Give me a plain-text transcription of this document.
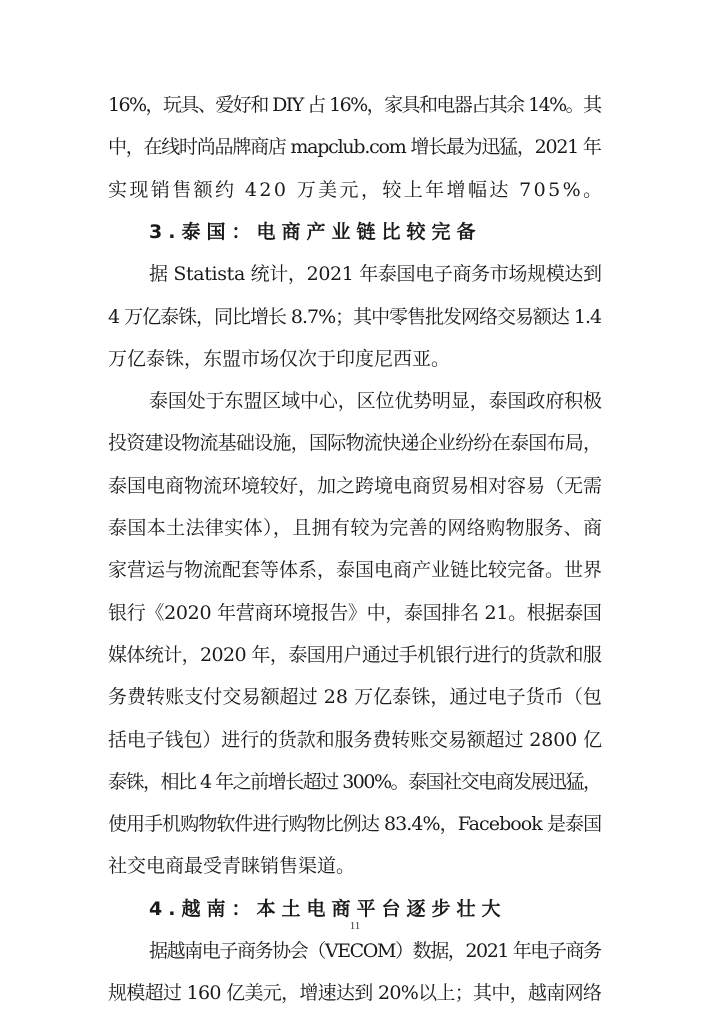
16%，玩具、爱好和 DIY 占 16%，家具和电器占其余 14%。其
中，在线时尚品牌商店 mapclub.com 增长最为迅猛，2021 年
实现销售额约 420 万美元，较上年增幅达 705%。
3.泰国：电商产业链比较完备
据 Statista 统计，2021 年泰国电子商务市场规模达到
4 万亿泰铢，同比增长 8.7%；其中零售批发网络交易额达 1.4
万亿泰铢，东盟市场仅次于印度尼西亚。
泰国处于东盟区域中心，区位优势明显，泰国政府积极
投资建设物流基础设施，国际物流快递企业纷纷在泰国布局，
泰国电商物流环境较好，加之跨境电商贸易相对容易（无需
泰国本土法律实体），且拥有较为完善的网络购物服务、商
家营运与物流配套等体系，泰国电商产业链比较完备。世界
银行《2020 年营商环境报告》中，泰国排名 21。根据泰国
媒体统计，2020 年，泰国用户通过手机银行进行的货款和服
务费转账支付交易额超过 28 万亿泰铢，通过电子货币（包
括电子钱包）进行的货款和服务费转账交易额超过 2800 亿
泰铢，相比 4 年之前增长超过 300%。泰国社交电商发展迅猛，
使用手机购物软件进行购物比例达 83.4%，Facebook 是泰国
社交电商最受青睐销售渠道。
4.越南：本土电商平台逐步壮大
据越南电子商务协会（VECOM）数据，2021 年电子商务
规模超过 160 亿美元，增速达到 20%以上；其中，越南网络
11
